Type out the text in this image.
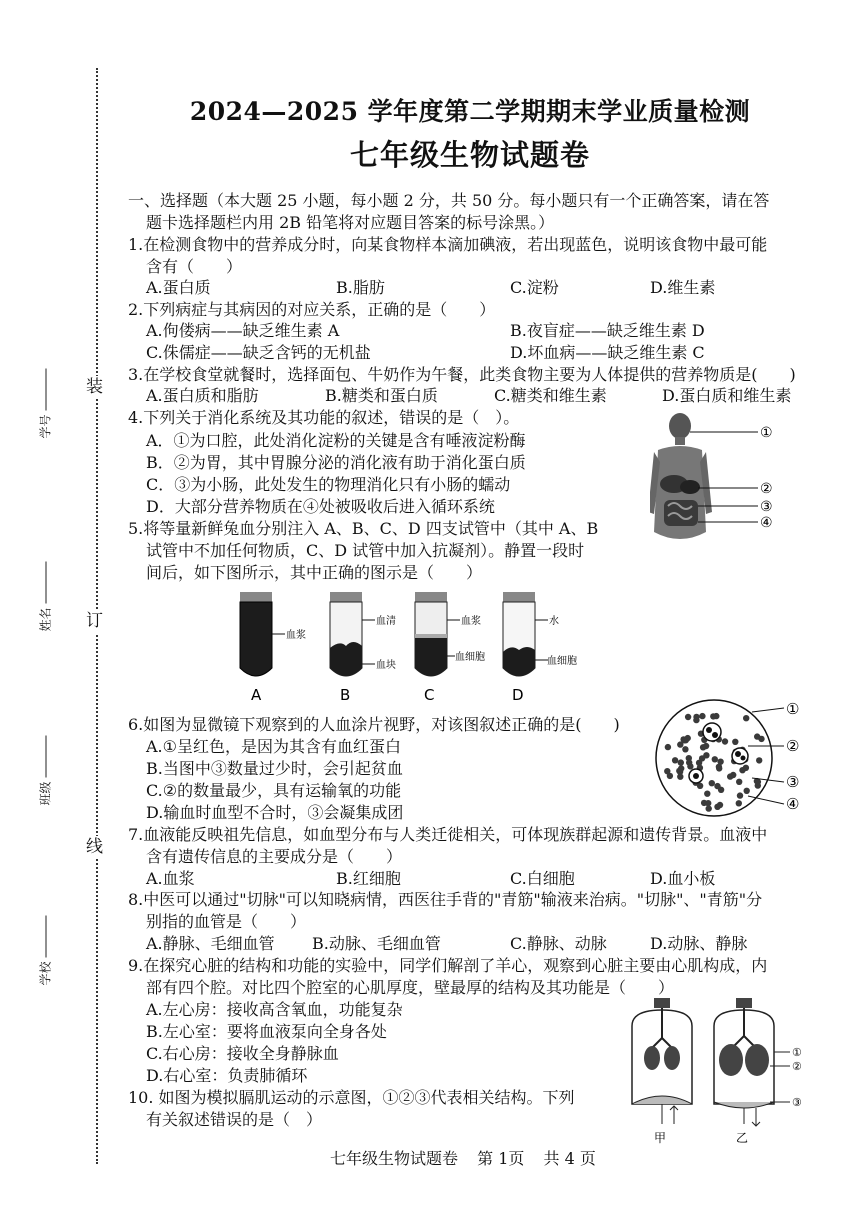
装
订
线
学号
姓名
班级
学校
2024—2025 学年度第二学期期末学业质量检测
七年级生物试题卷
一、选择题（本大题 25 小题，每小题 2 分，共 50 分。每小题只有一个正确答案，请在答
题卡选择题栏内用 2B 铅笔将对应题目答案的标号涂黑。）
1.在检测食物中的营养成分时，向某食物样本滴加碘液，若出现蓝色，说明该食物中最可能
含有（　　）
A.蛋白质	B.脂肪	C.淀粉	D.维生素
2.下列病症与其病因的对应关系，正确的是（　　）
A.佝偻病——缺乏维生素 A	B.夜盲症——缺乏维生素 D
C.侏儒症——缺乏含钙的无机盐	D.坏血病——缺乏维生素 C
3.在学校食堂就餐时，选择面包、牛奶作为午餐，此类食物主要为人体提供的营养物质是(　　)
A.蛋白质和脂肪	B.糖类和蛋白质	C.糖类和维生素	D.蛋白质和维生素
4.下列关于消化系统及其功能的叙述，错误的是（　）。
A．①为口腔，此处消化淀粉的关键是含有唾液淀粉酶
B．②为胃，其中胃腺分泌的消化液有助于消化蛋白质
C．③为小肠，此处发生的物理消化只有小肠的蠕动
D．大部分营养物质在④处被吸收后进入循环系统
①
②
③
④
5.将等量新鲜兔血分别注入 A、B、C、D 四支试管中（其中 A、B
试管中不加任何物质，C、D 试管中加入抗凝剂）。静置一段时
间后，如下图所示，其中正确的图示是（　　）
血浆
A
血清
血块
B
血浆
血细胞
C
水
血细胞
D
6.如图为显微镜下观察到的人血涂片视野，对该图叙述正确的是(　　)
A.①呈红色，是因为其含有血红蛋白
B.当图中③数量过少时，会引起贫血
C.②的数量最少，具有运输氧的功能
D.输血时血型不合时，③会凝集成团
①
②
③
④
7.血液能反映祖先信息，如血型分布与人类迁徙相关，可体现族群起源和遗传背景。血液中
含有遗传信息的主要成分是（　　）
A.血浆	B.红细胞	C.白细胞	D.血小板
8.中医可以通过"切脉"可以知晓病情，西医往手背的"青筋"输液来治病。"切脉"、"青筋"分
别指的血管是（　　）
A.静脉、毛细血管 B.动脉、毛细血管	C.静脉、动脉	D.动脉、静脉
9.在探究心脏的结构和功能的实验中，同学们解剖了羊心，观察到心脏主要由心肌构成，内
部有四个腔。对比四个腔室的心肌厚度，壁最厚的结构及其功能是（　　）
A.左心房：接收高含氧血，功能复杂
B.左心室：要将血液泵向全身各处
C.右心房：接收全身静脉血
D.右心室：负责肺循环
10. 如图为模拟膈肌运动的示意图，①②③代表相关结构。下列
有关叙述错误的是（　）
甲	乙
①
②
③
七年级生物试题卷 第 1页 共 4 页
